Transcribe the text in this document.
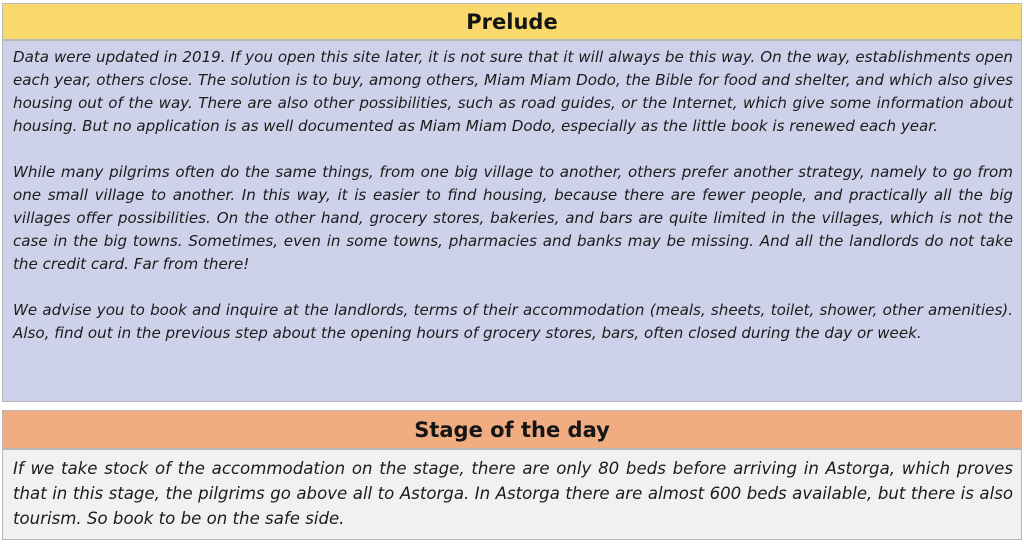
Prelude

Data were updated in 2019. If you open this site later, it is not sure that it will always be this way. On the way, establishments open each year, others close. The solution is to buy, among others, Miam Miam Dodo, the Bible for food and shelter, and which also gives housing out of the way. There are also other possibilities, such as road guides, or the Internet, which give some information about housing. But no application is as well documented as Miam Miam Dodo, especially as the little book is renewed each year.

While many pilgrims often do the same things, from one big village to another, others prefer another strategy, namely to go from one small village to another. In this way, it is easier to find housing, because there are fewer people, and practically all the big villages offer possibilities. On the other hand, grocery stores, bakeries, and bars are quite limited in the villages, which is not the case in the big towns. Sometimes, even in some towns, pharmacies and banks may be missing. And all the landlords do not take the credit card. Far from there!

We advise you to book and inquire at the landlords, terms of their accommodation (meals, sheets, toilet, shower, other amenities). Also, find out in the previous step about the opening hours of grocery stores, bars, often closed during the day or week.

Stage of the day

If we take stock of the accommodation on the stage, there are only 80 beds before arriving in Astorga, which proves that in this stage, the pilgrims go above all to Astorga. In Astorga there are almost 600 beds available, but there is also tourism. So book to be on the safe side.
